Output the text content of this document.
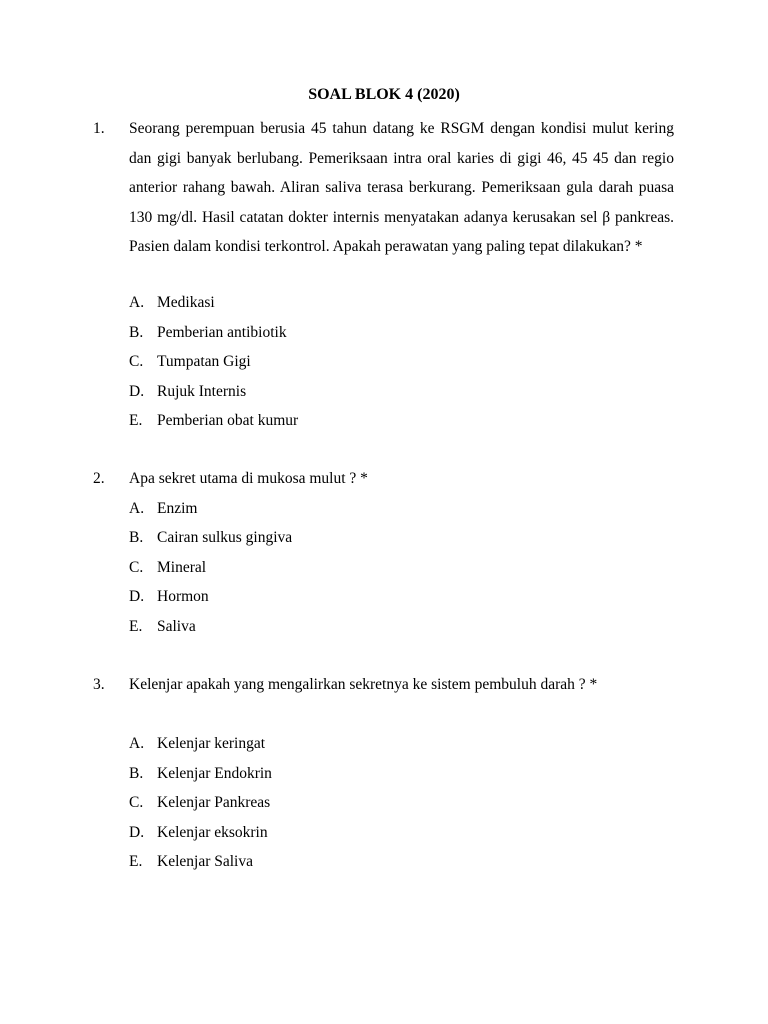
SOAL BLOK 4 (2020)
1. Seorang perempuan berusia 45 tahun datang ke RSGM dengan kondisi mulut kering dan gigi banyak berlubang. Pemeriksaan intra oral karies di gigi 46, 45 45 dan regio anterior rahang bawah. Aliran saliva terasa berkurang. Pemeriksaan gula darah puasa 130 mg/dl. Hasil catatan dokter internis menyatakan adanya kerusakan sel β pankreas. Pasien dalam kondisi terkontrol. Apakah perawatan yang paling tepat dilakukan? *

A. Medikasi
B. Pemberian antibiotik
C. Tumpatan Gigi
D. Rujuk Internis
E. Pemberian obat kumur
2. Apa sekret utama di mukosa mulut ? *

A. Enzim
B. Cairan sulkus gingiva
C. Mineral
D. Hormon
E. Saliva
3. Kelenjar apakah yang mengalirkan sekretnya ke sistem pembuluh darah ? *

A. Kelenjar keringat
B. Kelenjar Endokrin
C. Kelenjar Pankreas
D. Kelenjar eksokrin
E. Kelenjar Saliva
